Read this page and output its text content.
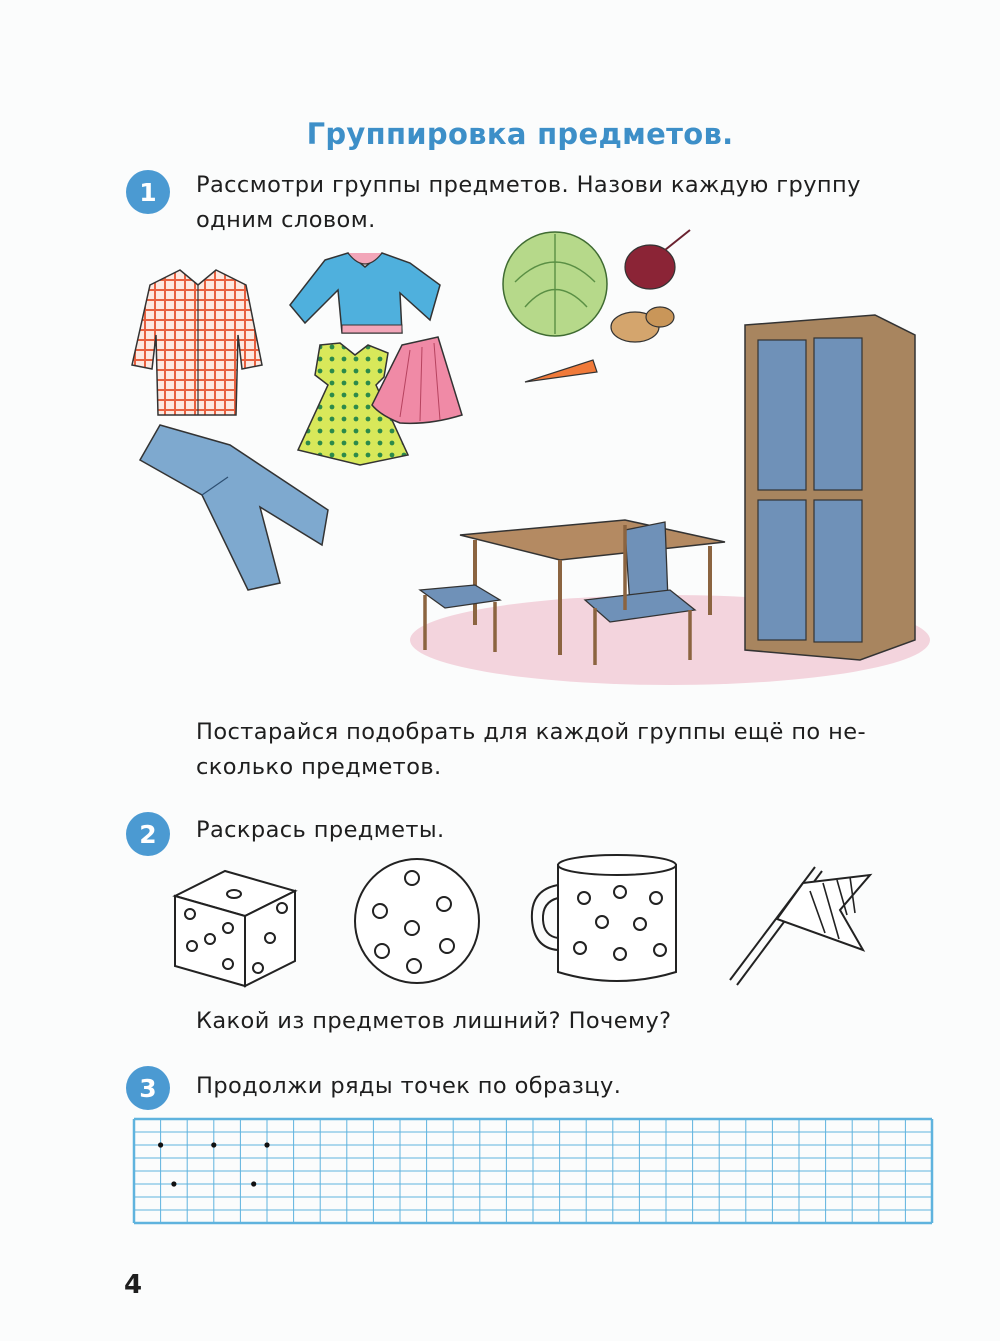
Группировка предметов.
1	Рассмотри группы предметов. Назови каждую группу
одним словом.
Постарайся подобрать для каждой группы ещё по не-
сколько предметов.
2	Раскрась предметы.
Какой из предметов лишний? Почему?
3	Продолжи ряды точек по образцу.
4
